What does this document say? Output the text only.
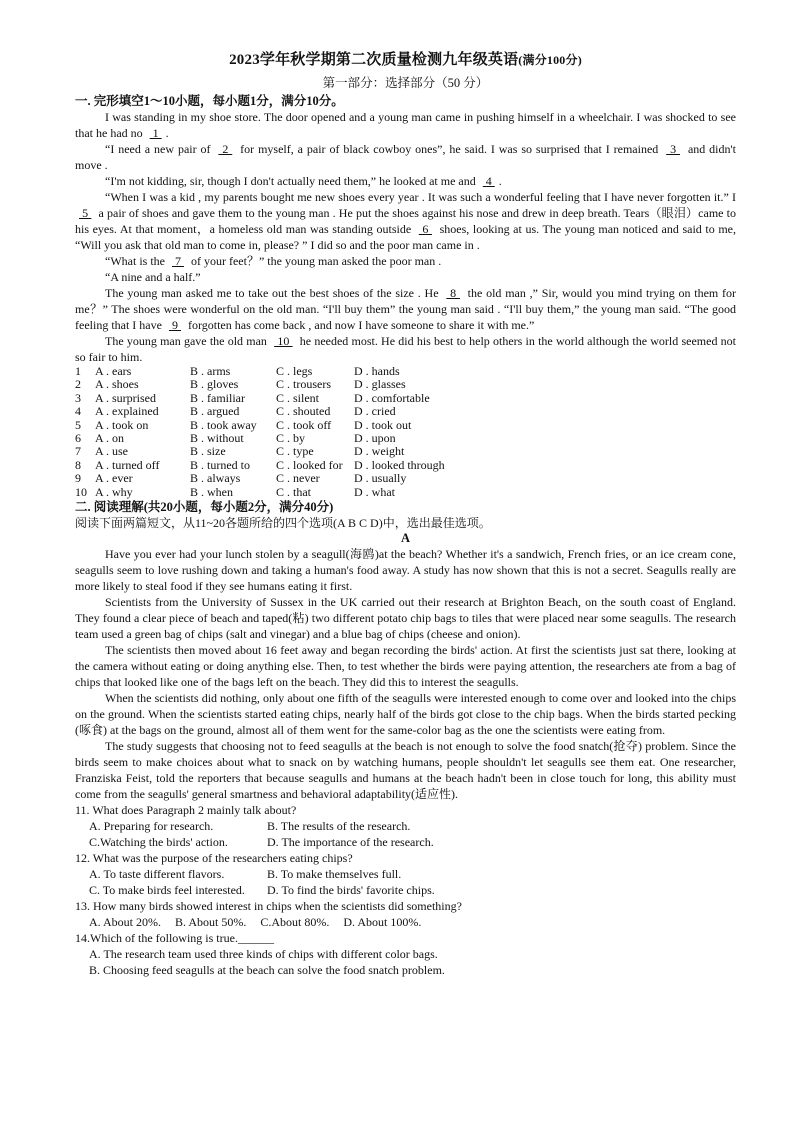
2023学年秋学期第二次质量检测九年级英语(满分100分)
第一部分：选择部分（50 分）
一. 完形填空1～10小题，每小题1分，满分10分。

I was standing in my shoe store. The door opened and a young man came in pushing himself in a wheelchair. I was shocked to see that he had no  1 .

“I need a new pair of  2  for myself, a pair of black cowboy ones”, he said. I was so surprised that I remained  3  and didn't move .

“I'm not kidding, sir, though I don't actually need them,” he looked at me and  4 .

“When I was a kid , my parents bought me new shoes every year . It was such a wonderful feeling that I have never forgotten it.” I  5  a pair of shoes and gave them to the young man . He put the shoes against his nose and drew in deep breath. Tears（眼泪）came to his eyes. At that moment，a homeless old man was standing outside  6  shoes, looking at us. The young man noticed and said to me, “Will you ask that old man to come in, please? ” I did so and the poor man came in .

“What is the  7  of your feet？” the young man asked the poor man .

“A nine and a half.”

The young man asked me to take out the best shoes of the size . He  8  the old man ,” Sir, would you mind trying on them for me？” The shoes were wonderful on the old man. “I'll buy them” the young man said . “I'll buy them,” the young man said. “The good feeling that I have  9  forgotten has come back , and now I have someone to share it with me.”

The young man gave the old man  10  he needed most. He did his best to help others in the world although the world seemed not so fair to him.

1 A . ears	B . arms	C . legs	D . hands
2 A . shoes	B . gloves	C . trousers D . glasses
3 A . surprised	B . familiar	C . silent	D . comfortable
4 A . explained	B . argued	C . shouted D . cried
5 A . took on	B . took away C . took off D . took out
6 A . on	B . without	C . by	D . upon
7 A . use	B . size	C . type	D . weight
8 A . turned off	B . turned to C . looked for D . looked through
9 A . ever	B . always	C . never	D . usually
10 A . why	B . when	C . that	D . what
二. 阅读理解(共20小题，每小题2分，满分40分)

阅读下面两篇短文，从11~20各题所给的四个选项(A B C D)中，选出最佳选项。

A

Have you ever had your lunch stolen by a seagull(海鸥)at the beach? Whether it's a sandwich, French fries, or an ice cream cone, seagulls seem to love rushing down and taking a human's food away. A study has now shown that this is not a secret. Seagulls really are more likely to steal food if they see humans eating it first.

Scientists from the University of Sussex in the UK carried out their research at Brighton Beach, on the south coast of England. They found a clear piece of beach and taped(粘) two different potato chip bags to tiles that were placed near some seagulls. The research team used a green bag of chips (salt and vinegar) and a blue bag of chips (cheese and onion).

The scientists then moved about 16 feet away and began recording the birds' action. At first the scientists just sat there, looking at the camera without eating or doing anything else. Then, to test whether the birds were paying attention, the researchers ate from a bag of chips that looked like one of the bags left on the beach. They did this to interest the seagulls.

When the scientists did nothing, only about one fifth of the seagulls were interested enough to come over and looked into the chips on the ground. When the scientists started eating chips, nearly half of the birds got close to the chip bags. When the birds started pecking (啄食) at the bags on the ground, almost all of them went for the same-color bag as the one the scientists were eating from.

The study suggests that choosing not to feed seagulls at the beach is not enough to solve the food snatch(抢夺) problem. Since the birds seem to make choices about what to snack on by watching humans, people shouldn't let seagulls see them eat. One researcher, Franziska Feist, told the reporters that because seagulls and humans at the beach hadn't been in close touch for long, this ability must come from the seagulls' general smartness and behavioral adaptability(适应性).

11. What does Paragraph 2 mainly talk about?
A. Preparing for research.	B. The results of the research.
C.Watching the birds' action.	D. The importance of the research.
12. What was the purpose of the researchers eating chips?
A. To taste different flavors.	B. To make themselves full.
C. To make birds feel interested. D. To find the birds' favorite chips.
13. How many birds showed interest in chips when the scientists did something?
A. About 20%. B. About 50%. C.About 80%. D. About 100%.
14.Which of the following is true.______
A. The research team used three kinds of chips with different color bags.
B. Choosing feed seagulls at the beach can solve the food snatch problem.
